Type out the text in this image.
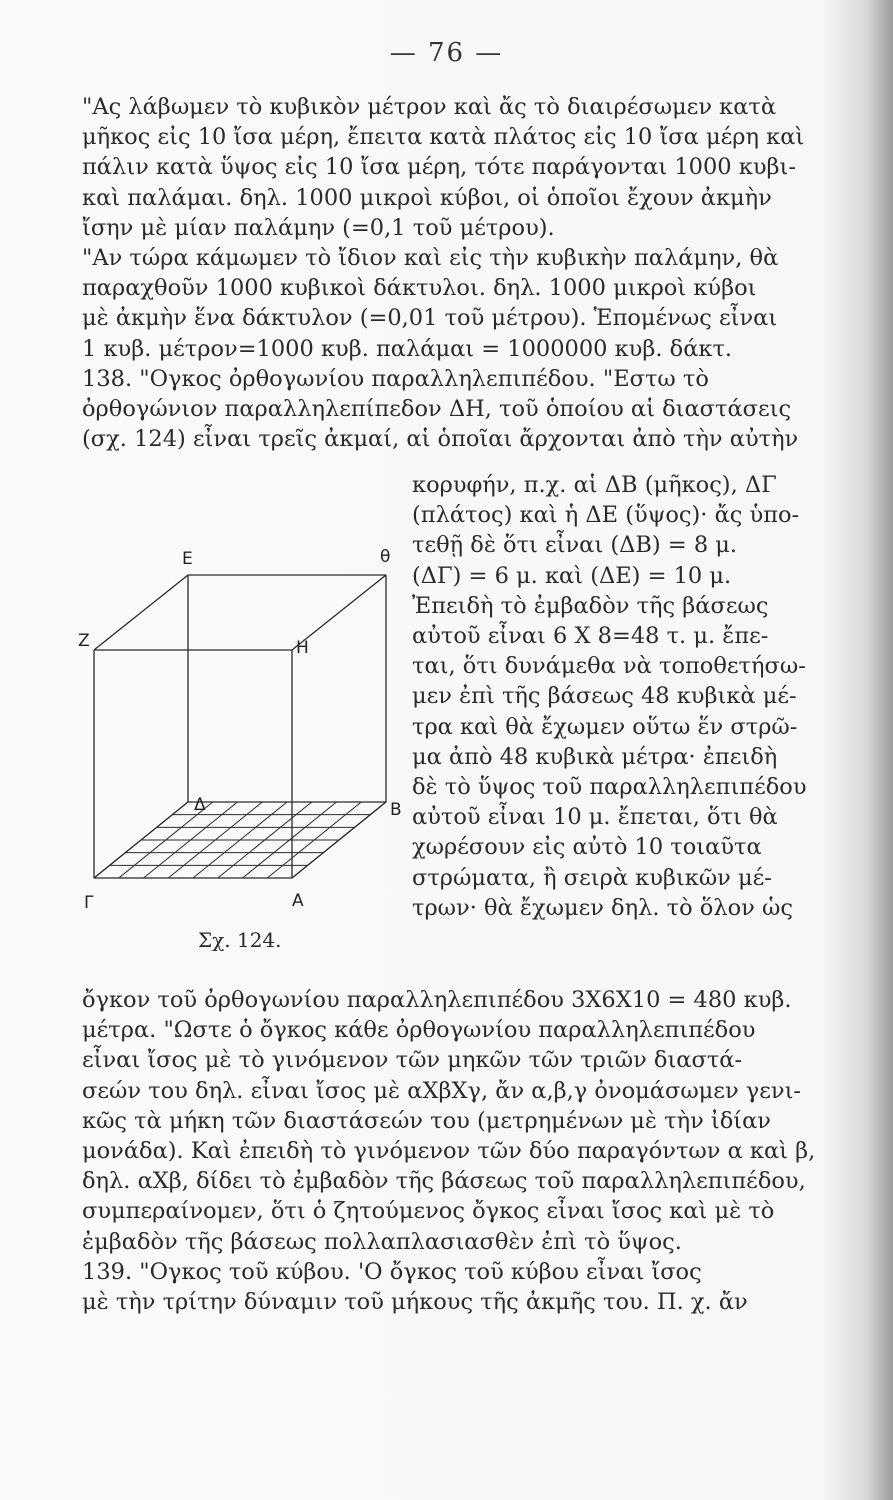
— 76 —
"Ας λάβωμεν τὸ κυβικὸν μέτρον καὶ ἄς τὸ διαιρέσωμεν κατὰ
μῆκος εἰς 10 ἴσα μέρη, ἔπειτα κατὰ πλάτος εἰς 10 ἴσα μέρη καὶ
πάλιν κατὰ ὕψος εἰς 10 ἴσα μέρη, τότε παράγονται 1000 κυβι-
καὶ παλάμαι. δηλ. 1000 μικροὶ κύβοι, οἱ ὁποῖοι ἔχουν ἀκμὴν
ἴσην μὲ μίαν παλάμην (=0,1 τοῦ μέτρου).
"Αν τώρα κάμωμεν τὸ ἴδιον καὶ εἰς τὴν κυβικὴν παλάμην, θὰ
παραχθοῦν 1000 κυβικοὶ δάκτυλοι. δηλ. 1000 μικροὶ κύβοι
μὲ ἀκμὴν ἕνα δάκτυλον (=0,01 τοῦ μέτρου). Ἑπομένως εἶναι
1 κυβ. μέτρον=1000 κυβ. παλάμαι = 1000000 κυβ. δάκτ.
138. "Ογκος ὀρθογωνίου παραλληλεπιπέδου. "Εστω τὸ
ὀρθογώνιον παραλληλεπίπεδον ΔΗ, τοῦ ὁποίου αἱ διαστάσεις
(σχ. 124) εἶναι τρεῖς ἀκμαί, αἱ ὁποῖαι ἄρχονται ἀπὸ τὴν αὐτὴν
κορυφήν, π.χ. αἱ ΔΒ (μῆκος), ΔΓ
(πλάτος) καὶ ἡ ΔΕ (ὕψος)· ἄς ὑπο-
τεθῇ δὲ ὅτι εἶναι (ΔΒ) = 8 μ.
(ΔΓ) = 6 μ. καὶ (ΔΕ) = 10 μ.
Ἐπειδὴ τὸ ἐμβαδὸν τῆς βάσεως
αὐτοῦ εἶναι 6 X 8=48 τ. μ. ἔπε-
ται, ὅτι δυνάμεθα νὰ τοποθετήσω-
μεν ἐπὶ τῆς βάσεως 48 κυβικὰ μέ-
τρα καὶ θὰ ἔχωμεν οὕτω ἕν στρῶ-
μα ἀπὸ 48 κυβικὰ μέτρα· ἐπειδὴ
δὲ τὸ ὕψος τοῦ παραλληλεπιπέδου
αὐτοῦ εἶναι 10 μ. ἔπεται, ὅτι θὰ
χωρέσουν εἰς αὐτὸ 10 τοιαῦτα
στρώματα, ἢ σειρὰ κυβικῶν μέ-
τρων· θὰ ἔχωμεν δηλ. τὸ ὅλον ὡς
ὄγκον τοῦ ὀρθογωνίου παραλληλεπιπέδου 3X6X10 = 480 κυβ.
μέτρα. "Ωστε ὁ ὄγκος κάθε ὀρθογωνίου παραλληλεπιπέδου
εἶναι ἴσος μὲ τὸ γινόμενον τῶν μηκῶν τῶν τριῶν διαστά-
σεών του δηλ. εἶναι ἴσος μὲ αXβXγ, ἄν α,β,γ ὀνομάσωμεν γενι-
κῶς τὰ μήκη τῶν διαστάσεών του (μετρημένων μὲ τὴν ἰδίαν
μονάδα). Καὶ ἐπειδὴ τὸ γινόμενον τῶν δύο παραγόντων α καὶ β,
δηλ. αXβ, δίδει τὸ ἐμβαδὸν τῆς βάσεως τοῦ παραλληλεπιπέδου,
συμπεραίνομεν, ὅτι ὁ ζητούμενος ὄγκος εἶναι ἴσος καὶ μὲ τὸ
ἐμβαδὸν τῆς βάσεως πολλαπλασιασθὲν ἐπὶ τὸ ὕψος.
139. "Ογκος τοῦ κύβου. 'Ο ὄγκος τοῦ κύβου εἶναι ἴσος
μὲ τὴν τρίτην δύναμιν τοῦ μήκους τῆς ἀκμῆς του. Π. χ. ἄν
E	θ
Z	H
Δ	B
Γ	A
Σχ. 124.
